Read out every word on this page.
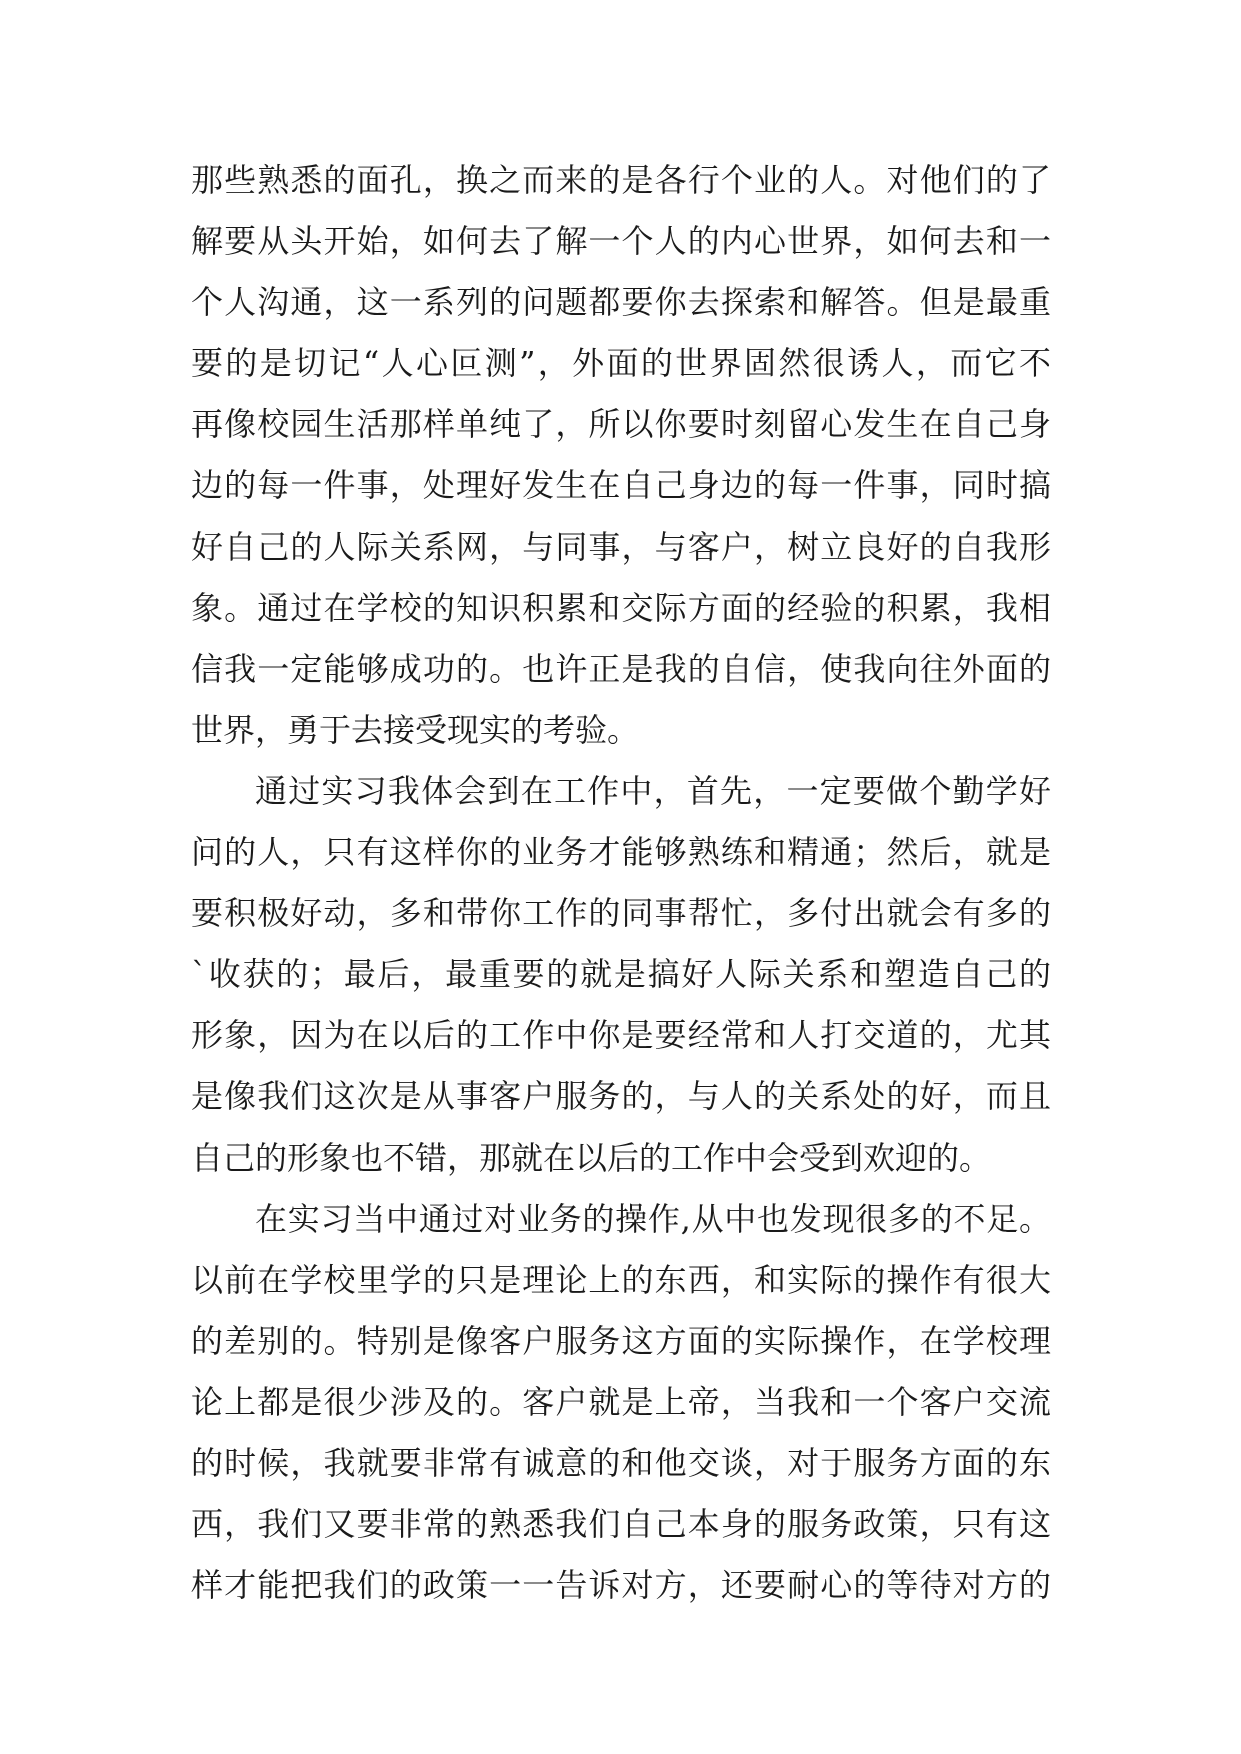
那些熟悉的面孔，换之而来的是各行个业的人。对他们的了
解要从头开始，如何去了解一个人的内心世界，如何去和一
个人沟通，这一系列的问题都要你去探索和解答。但是最重
要的是切记“人心叵测”，外面的世界固然很诱人，而它不
再像校园生活那样单纯了，所以你要时刻留心发生在自己身
边的每一件事，处理好发生在自己身边的每一件事，同时搞
好自己的人际关系网，与同事，与客户，树立良好的自我形
象。通过在学校的知识积累和交际方面的经验的积累，我相
信我一定能够成功的。也许正是我的自信，使我向往外面的
世界，勇于去接受现实的考验。
通过实习我体会到在工作中，首先，一定要做个勤学好
问的人，只有这样你的业务才能够熟练和精通；然后，就是
要积极好动，多和带你工作的同事帮忙，多付出就会有多的
`收获的；最后，最重要的就是搞好人际关系和塑造自己的
形象，因为在以后的工作中你是要经常和人打交道的，尤其
是像我们这次是从事客户服务的，与人的关系处的好，而且
自己的形象也不错，那就在以后的工作中会受到欢迎的。
在实习当中通过对业务的操作,从中也发现很多的不足。
以前在学校里学的只是理论上的东西，和实际的操作有很大
的差别的。特别是像客户服务这方面的实际操作，在学校理
论上都是很少涉及的。客户就是上帝，当我和一个客户交流
的时候，我就要非常有诚意的和他交谈，对于服务方面的东
西，我们又要非常的熟悉我们自己本身的服务政策，只有这
样才能把我们的政策一一告诉对方，还要耐心的等待对方的
